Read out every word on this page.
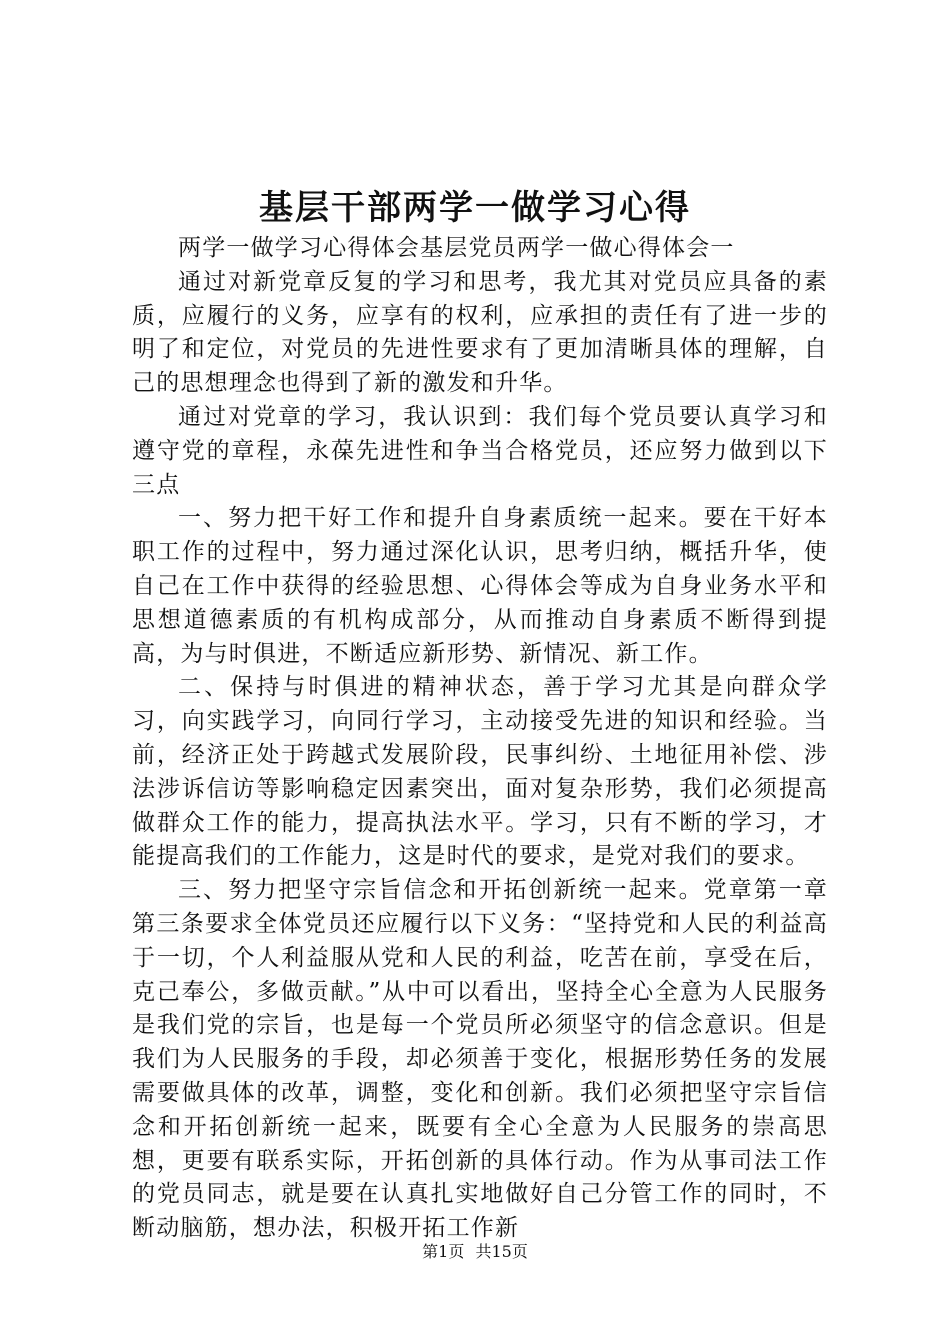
基层干部两学一做学习心得

两学一做学习心得体会基层党员两学一做心得体会一

通过对新党章反复的学习和思考，我尤其对党员应具备的素质，应履行的义务，应享有的权利，应承担的责任有了进一步的明了和定位，对党员的先进性要求有了更加清晰具体的理解，自己的思想理念也得到了新的激发和升华。

通过对党章的学习，我认识到：我们每个党员要认真学习和遵守党的章程，永葆先进性和争当合格党员，还应努力做到以下三点

一、努力把干好工作和提升自身素质统一起来。要在干好本职工作的过程中，努力通过深化认识，思考归纳，概括升华，使自己在工作中获得的经验思想、心得体会等成为自身业务水平和思想道德素质的有机构成部分，从而推动自身素质不断得到提高，为与时俱进，不断适应新形势、新情况、新工作。

二、保持与时俱进的精神状态，善于学习尤其是向群众学习，向实践学习，向同行学习，主动接受先进的知识和经验。当前，经济正处于跨越式发展阶段，民事纠纷、土地征用补偿、涉法涉诉信访等影响稳定因素突出，面对复杂形势，我们必须提高做群众工作的能力，提高执法水平。学习，只有不断的学习，才能提高我们的工作能力，这是时代的要求，是党对我们的要求。

三、努力把坚守宗旨信念和开拓创新统一起来。党章第一章第三条要求全体党员还应履行以下义务：“坚持党和人民的利益高于一切，个人利益服从党和人民的利益，吃苦在前，享受在后，克己奉公，多做贡献。”从中可以看出，坚持全心全意为人民服务是我们党的宗旨，也是每一个党员所必须坚守的信念意识。但是我们为人民服务的手段，却必须善于变化，根据形势任务的发展需要做具体的改革，调整，变化和创新。我们必须把坚守宗旨信念和开拓创新统一起来，既要有全心全意为人民服务的崇高思想，更要有联系实际，开拓创新的具体行动。作为从事司法工作的党员同志，就是要在认真扎实地做好自己分管工作的同时，不断动脑筋，想办法，积极开拓工作新

第1页 共15页
